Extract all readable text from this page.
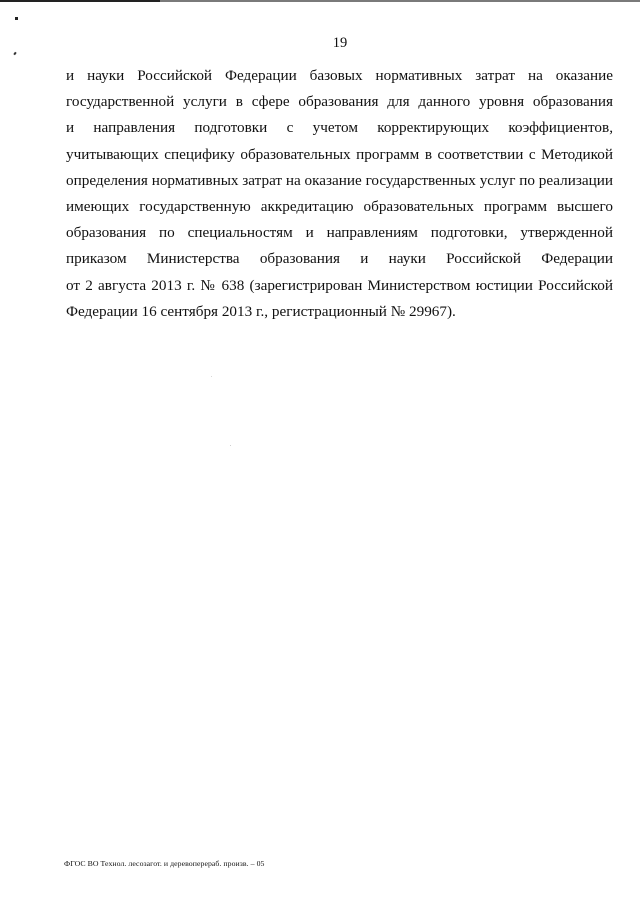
19

и науки Российской Федерации базовых нормативных затрат на оказание
государственной услуги в сфере образования для данного уровня образования
и направления подготовки с учетом корректирующих коэффициентов,
учитывающих специфику образовательных программ в соответствии с Методикой
определения нормативных затрат на оказание государственных услуг по реализации
имеющих государственную аккредитацию образовательных программ высшего
образования по специальностям и направлениям подготовки, утвержденной
приказом Министерства образования и науки Российской Федерации
от 2 августа 2013 г. № 638 (зарегистрирован Министерством юстиции Российской
Федерации 16 сентября 2013 г., регистрационный № 29967).

ФГОС ВО Технол. лесозагот. и деревоперераб. произв. – 05
